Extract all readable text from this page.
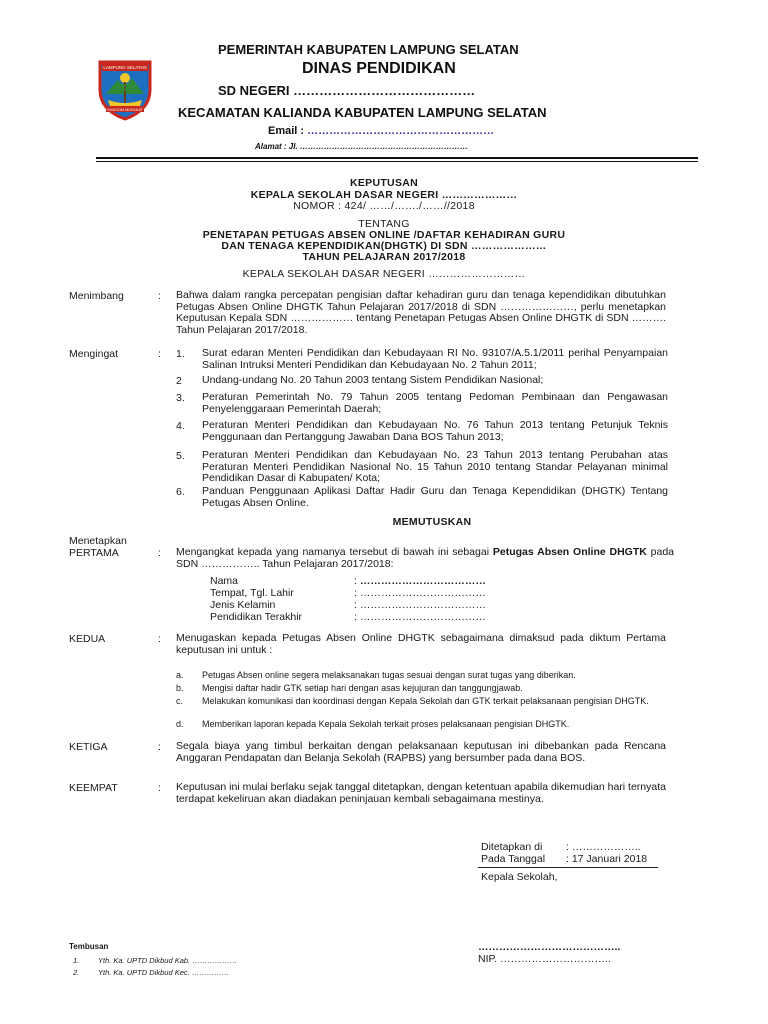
LAMPUNG SELATAN
KHAGOM MUFAKAT
PEMERINTAH KABUPATEN LAMPUNG SELATAN
DINAS PENDIDIKAN
SD NEGERI ……………………………………
KECAMATAN KALIANDA KABUPATEN LAMPUNG SELATAN
Email : ……………………………………………
Alamat : Jl. ………………………………………………………
KEPUTUSAN
KEPALA SEKOLAH DASAR NEGERI …………………
NOMOR : 424/ ……/……./……//2018
TENTANG
PENETAPAN PETUGAS ABSEN ONLINE /DAFTAR KEHADIRAN GURU
DAN TENAGA KEPENDIDIKAN(DHGTK) DI SDN …………………
TAHUN PELAJARAN 2017/2018
KEPALA SEKOLAH DASAR NEGERI ………………………
Menimbang	: Bahwa dalam rangka percepatan pengisian daftar kehadiran guru dan tenaga kependidikan dibutuhkan Petugas Absen Online DHGTK Tahun Pelajaran 2017/2018 di SDN …………………, perlu menetapkan Keputusan Kepala SDN ……………… tentang Penetapan Petugas Absen Online DHGTK di SDN ………. Tahun Pelajaran 2017/2018.
Mengingat	: 1. Surat edaran Menteri Pendidikan dan Kebudayaan RI No. 93107/A.5.1/2011 perihal Penyampaian Salinan Intruksi Menteri Pendidikan dan Kebudayaan No. 2 Tahun 2011;
2 Undang-undang No. 20 Tahun 2003 tentang Sistem Pendidikan Nasional;
3. Peraturan Pemerintah No. 79 Tahun 2005 tentang Pedoman Pembinaan dan Pengawasan Penyelenggaraan Pemerintah Daerah;
4. Peraturan Menteri Pendidikan dan Kebudayaan No. 76 Tahun 2013 tentang Petunjuk Teknis Penggunaan dan Pertanggung Jawaban Dana BOS Tahun 2013;
5. Peraturan Menteri Pendidikan dan Kebudayaan No. 23 Tahun 2013 tentang Perubahan atas Peraturan Menteri Pendidikan Nasional No. 15 Tahun 2010 tentang Standar Pelayanan minimal Pendidikan Dasar di Kabupaten/ Kota;
6. Panduan Penggunaan Aplikasi Daftar Hadir Guru dan Tenaga Kependidikan (DHGTK) Tentang Petugas Absen Online.
MEMUTUSKAN
Menetapkan
PERTAMA	: Mengangkat kepada yang namanya tersebut di bawah ini sebagai Petugas Absen Online DHGTK pada SDN …………….. Tahun Pelajaran 2017/2018:
Nama	: ………………………………
Tempat, Tgl. Lahir	: ………………………………
Jenis Kelamin	: ………………………………
Pendidikan Terakhir	: ………………………………
KEDUA	: Menugaskan kepada Petugas Absen Online DHGTK sebagaimana dimaksud pada diktum Pertama keputusan ini untuk :
a. Petugas Absen online segera melaksanakan tugas sesuai dengan surat tugas yang diberikan.
b. Mengisi daftar hadir GTK setiap hari dengan asas kejujuran dan tanggungjawab.
c. Melakukan komunikasi dan koordinasi dengan Kepala Sekolah dan GTK terkait pelaksanaan pengisian DHGTK.
d. Memberikan laporan kepada Kepala Sekolah terkait proses pelaksanaan pengisian DHGTK.
KETIGA	: Segala biaya yang timbul berkaitan dengan pelaksanaan keputusan ini dibebankan pada Rencana Anggaran Pendapatan dan Belanja Sekolah (RAPBS) yang bersumber pada dana BOS.
KEEMPAT	: Keputusan ini mulai berlaku sejak tanggal ditetapkan, dengan ketentuan apabila dikemudian hari ternyata terdapat kekeliruan akan diadakan peninjauan kembali sebagaimana mestinya.
Ditetapkan di : ………………..
Pada Tanggal : 17 Januari 2018
Kepala Sekolah,
…………………………………..
NIP. …………………………..
Tembusan
1. Yth. Ka. UPTD Dikbud Kab. ………………
2. Yth. Ka. UPTD Dikbud Kec. ……………
